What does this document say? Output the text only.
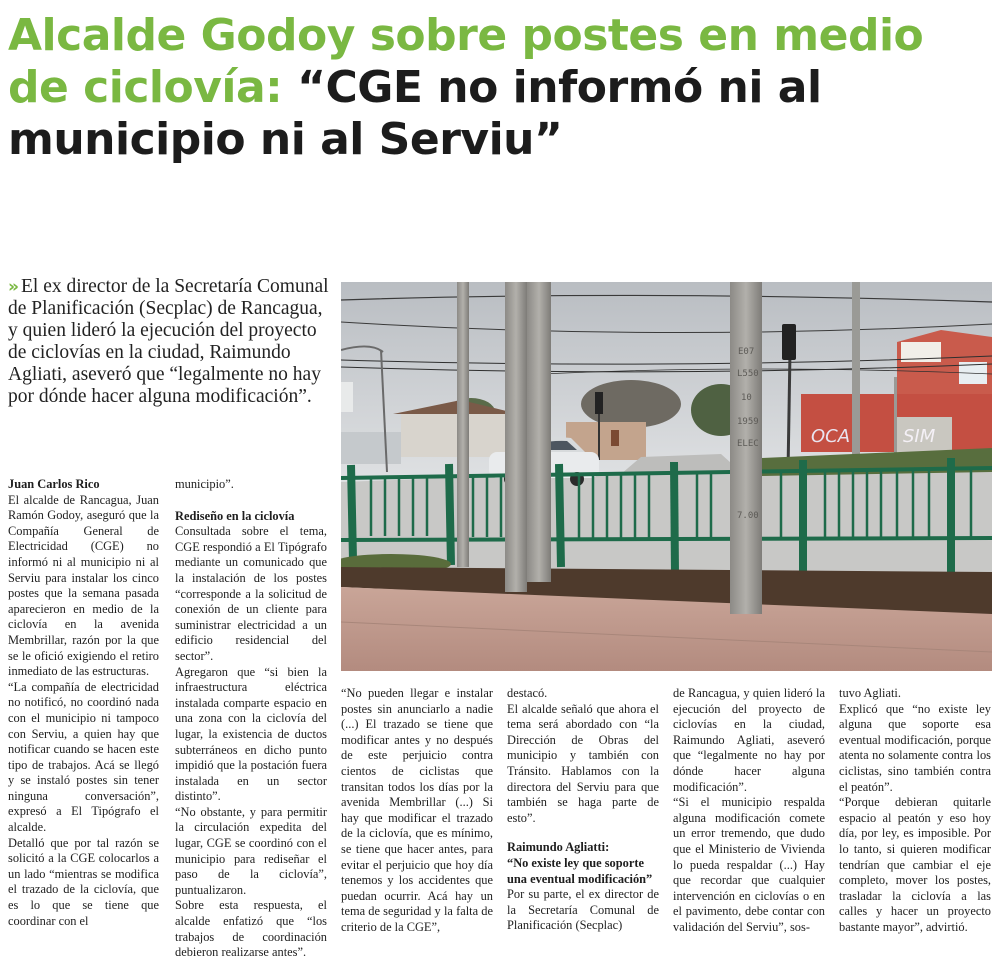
Alcalde Godoy sobre postes en medio de ciclovía: “CGE no informó ni al municipio ni al Serviu”

» El ex director de la Secretaría Comunal de Planificación (Secplac) de Rancagua, y quien lideró la ejecución del proyecto de ciclovías en la ciudad, Raimundo Agliati, aseveró que “legalmente no hay por dónde hacer alguna modificación”.

OCA	SIM
E07
L550
10
1959
ELEC
7.00

Juan Carlos Rico

El alcalde de Rancagua, Juan Ramón Godoy, aseguró que la Compañía General de Electricidad (CGE) no informó ni al municipio ni al Serviu para instalar los cinco postes que la semana pasada aparecieron en medio de la ciclovía en la avenida Membrillar, razón por la que se le ofició exigiendo el retiro inmediato de las estructuras.

“La compañía de electricidad no notificó, no coordinó nada con el municipio ni tampoco con Serviu, a quien hay que notificar cuando se hacen este tipo de trabajos. Acá se llegó y se instaló postes sin tener ninguna conversación”, expresó a El Tipógrafo el alcalde.

Detalló que por tal razón se solicitó a la CGE colocarlos a un lado “mientras se modifica el trazado de la ciclovía, que es lo que se tiene que coordinar con el

municipio”.

Rediseño en la ciclovía

Consultada sobre el tema, CGE respondió a El Tipógrafo mediante un comunicado que la instalación de los postes “corresponde a la solicitud de conexión de un cliente para suministrar electricidad a un edificio residencial del sector”.

Agregaron que “si bien la infraestructura eléctrica instalada comparte espacio en una zona con la ciclovía del lugar, la existencia de ductos subterráneos en dicho punto impidió que la postación fuera instalada en un sector distinto”.

“No obstante, y para permitir la circulación expedita del lugar, CGE se coordinó con el municipio para rediseñar el paso de la ciclovía”, puntualizaron.

Sobre esta respuesta, el alcalde enfatizó que “los trabajos de coordinación debieron realizarse antes”.

“No pueden llegar e instalar postes sin anunciarlo a nadie (...) El trazado se tiene que modificar antes y no después de este perjuicio contra cientos de ciclistas que transitan todos los días por la avenida Membrillar (...) Si hay que modificar el trazado de la ciclovía, que es mínimo, se tiene que hacer antes, para evitar el perjuicio que hoy día tenemos y los accidentes que puedan ocurrir. Acá hay un tema de seguridad y la falta de criterio de la CGE”,

destacó.

El alcalde señaló que ahora el tema será abordado con “la Dirección de Obras del municipio y también con Tránsito. Hablamos con la directora del Serviu para que también se haga parte de esto”.

Raimundo Agliatti:

“No existe ley que soporte una eventual modificación”

Por su parte, el ex director de la Secretaría Comunal de Planificación (Secplac)

de Rancagua, y quien lideró la ejecución del proyecto de ciclovías en la ciudad, Raimundo Agliati, aseveró que “legalmente no hay por dónde hacer alguna modificación”.

“Si el municipio respalda alguna modificación comete un error tremendo, que dudo que el Ministerio de Vivienda lo pueda respaldar (...) Hay que recordar que cualquier intervención en ciclovías o en el pavimento, debe contar con validación del Serviu”, sos-

tuvo Agliati.

Explicó que “no existe ley alguna que soporte esa eventual modificación, porque atenta no solamente contra los ciclistas, sino también contra el peatón”.

“Porque debieran quitarle espacio al peatón y eso hoy día, por ley, es imposible. Por lo tanto, si quieren modificar tendrían que cambiar el eje completo, mover los postes, trasladar la ciclovía a las calles y hacer un proyecto bastante mayor”, advirtió.
